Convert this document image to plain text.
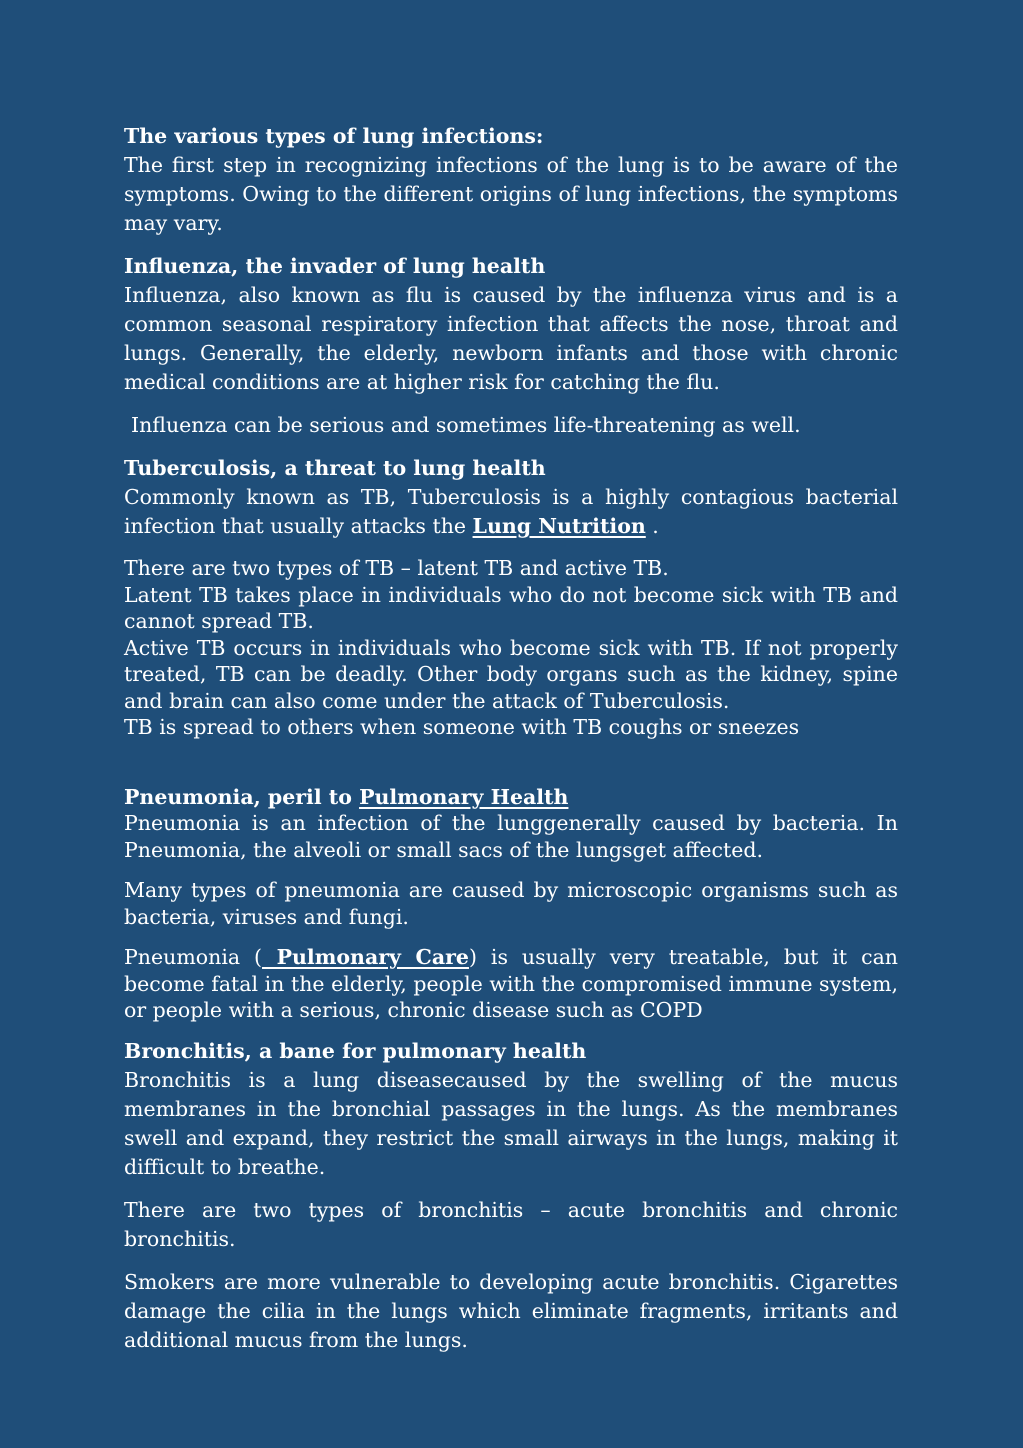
The various types of lung infections:

The first step in recognizing infections of the lung is to be aware of the symptoms. Owing to the different origins of lung infections, the symptoms may vary.

Influenza, the invader of lung health

Influenza, also known as flu is caused by the influenza virus and is a common seasonal respiratory infection that affects the nose, throat and lungs. Generally, the elderly, newborn infants and those with chronic medical conditions are at higher risk for catching the flu.

Influenza can be serious and sometimes life-threatening as well.

Tuberculosis, a threat to lung health

Commonly known as TB, Tuberculosis is a highly contagious bacterial infection that usually attacks the Lung Nutrition .

There are two types of TB – latent TB and active TB.

Latent TB takes place in individuals who do not become sick with TB and cannot spread TB.

Active TB occurs in individuals who become sick with TB. If not properly treated, TB can be deadly. Other body organs such as the kidney, spine and brain can also come under the attack of Tuberculosis.

TB is spread to others when someone with TB coughs or sneezes

Pneumonia, peril to Pulmonary Health

Pneumonia is an infection of the lunggenerally caused by bacteria. In Pneumonia, the alveoli or small sacs of the lungsget affected.

Many types of pneumonia are caused by microscopic organisms such as bacteria, viruses and fungi.

Pneumonia ( Pulmonary Care) is usually very treatable, but it can become fatal in the elderly, people with the compromised immune system, or people with a serious, chronic disease such as COPD

Bronchitis, a bane for pulmonary health

Bronchitis is a lung diseasecaused by the swelling of the mucus membranes in the bronchial passages in the lungs. As the membranes swell and expand, they restrict the small airways in the lungs, making it difficult to breathe.

There are two types of bronchitis – acute bronchitis and chronic bronchitis.

Smokers are more vulnerable to developing acute bronchitis. Cigarettes damage the cilia in the lungs which eliminate fragments, irritants and additional mucus from the lungs.
